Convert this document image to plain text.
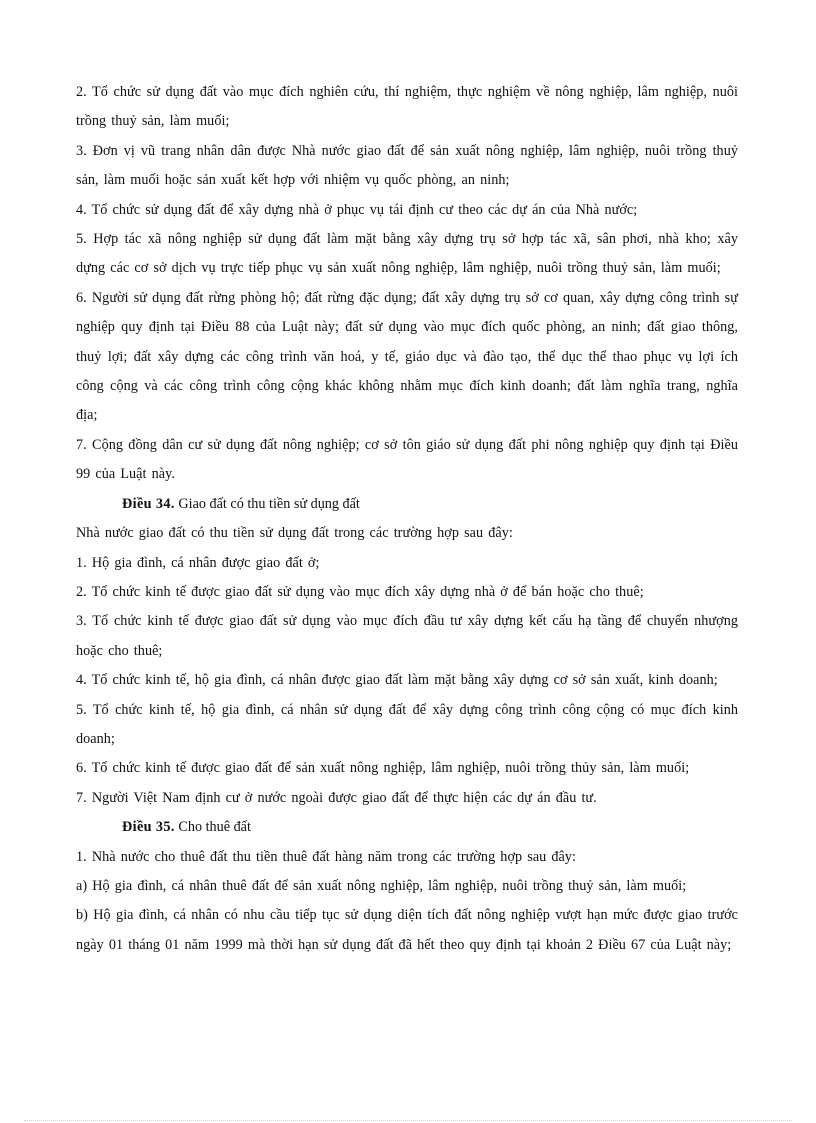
2. Tổ chức sử dụng đất vào mục đích nghiên cứu, thí nghiệm, thực nghiệm về nông nghiệp, lâm nghiệp, nuôi trồng thuỷ sản, làm muối;

3. Đơn vị vũ trang nhân dân được Nhà nước giao đất để sản xuất nông nghiệp, lâm nghiệp, nuôi trồng thuỷ sản, làm muối hoặc sản xuất kết hợp với nhiệm vụ quốc phòng, an ninh;

4. Tổ chức sử dụng đất để xây dựng nhà ở phục vụ tái định cư theo các dự án của Nhà nước;

5. Hợp tác xã nông nghiệp sử dụng đất làm mặt bằng xây dựng trụ sở hợp tác xã, sân phơi, nhà kho; xây dựng các cơ sở dịch vụ trực tiếp phục vụ sản xuất nông nghiệp, lâm nghiệp, nuôi trồng thuỷ sản, làm muối;

6. Người sử dụng đất rừng phòng hộ; đất rừng đặc dụng; đất xây dựng trụ sở cơ quan, xây dựng công trình sự nghiệp quy định tại Điều 88 của Luật này; đất sử dụng vào mục đích quốc phòng, an ninh; đất giao thông, thuỷ lợi; đất xây dựng các công trình văn hoá, y tế, giáo dục và đào tạo, thể dục thể thao phục vụ lợi ích công cộng và các công trình công cộng khác không nhằm mục đích kinh doanh; đất làm nghĩa trang, nghĩa địa;

7. Cộng đồng dân cư sử dụng đất nông nghiệp; cơ sở tôn giáo sử dụng đất phi nông nghiệp quy định tại Điều 99 của Luật này.

Điều 34. Giao đất có thu tiền sử dụng đất

Nhà nước giao đất có thu tiền sử dụng đất trong các trường hợp sau đây:

1. Hộ gia đình, cá nhân được giao đất ở;

2. Tổ chức kinh tế được giao đất sử dụng vào mục đích xây dựng nhà ở để bán hoặc cho thuê;

3. Tổ chức kinh tế được giao đất sử dụng vào mục đích đầu tư xây dựng kết cấu hạ tầng để chuyển nhượng hoặc cho thuê;

4. Tổ chức kinh tế, hộ gia đình, cá nhân được giao đất làm mặt bằng xây dựng cơ sở sản xuất, kinh doanh;

5. Tổ chức kinh tế, hộ gia đình, cá nhân sử dụng đất để xây dựng công trình công cộng có mục đích kinh doanh;

6. Tổ chức kinh tế được giao đất để sản xuất nông nghiệp, lâm nghiệp, nuôi trồng thủy sản, làm muối;

7. Người Việt Nam định cư ở nước ngoài được giao đất để thực hiện các dự án đầu tư.

Điều 35. Cho thuê đất

1. Nhà nước cho thuê đất thu tiền thuê đất hàng năm trong các trường hợp sau đây:

a) Hộ gia đình, cá nhân thuê đất để sản xuất nông nghiệp, lâm nghiệp, nuôi trồng thuỷ sản, làm muối;

b) Hộ gia đình, cá nhân có nhu cầu tiếp tục sử dụng diện tích đất nông nghiệp vượt hạn mức được giao trước ngày 01 tháng 01 năm 1999 mà thời hạn sử dụng đất đã hết theo quy định tại khoản 2 Điều 67 của Luật này;
